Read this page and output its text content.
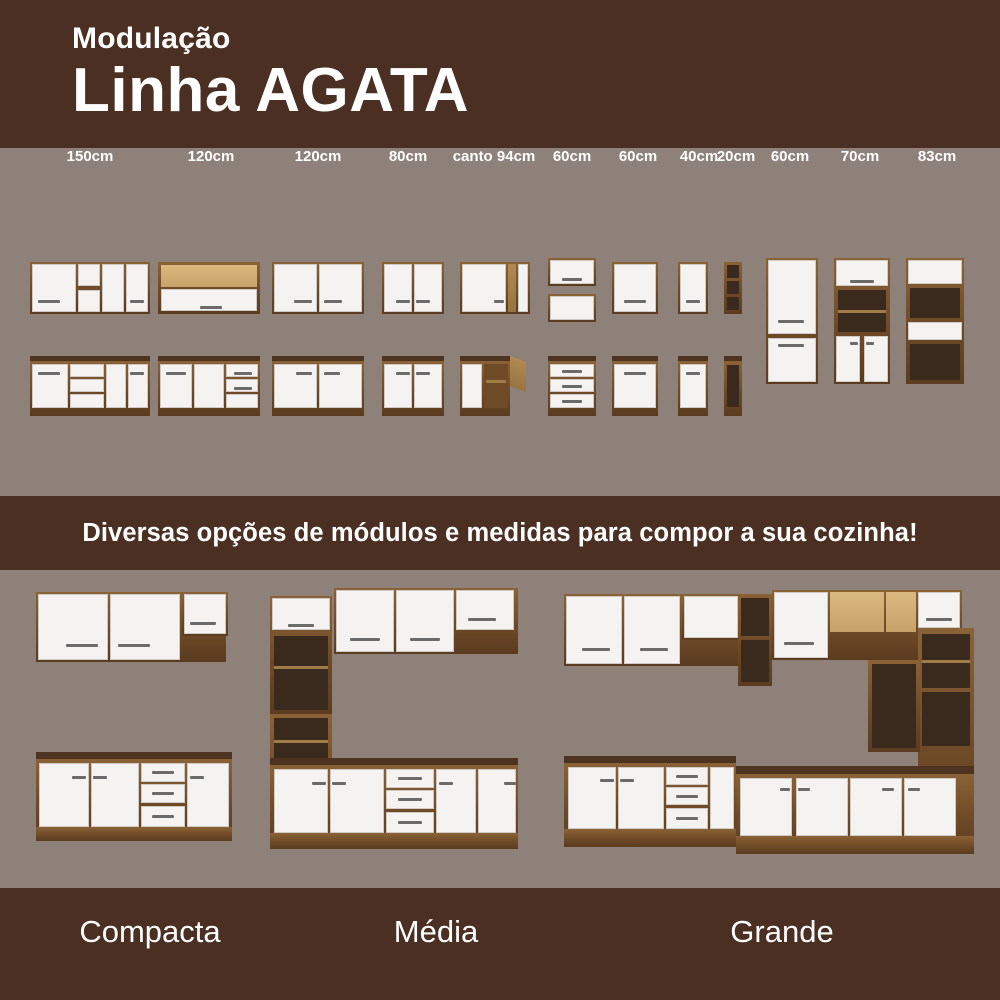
Modulação
Linha AGATA
150cm	120cm	120cm	80cm	canto 94cm	60cm	60cm	40cm
20cm	60cm	70cm	83cm
Diversas opções de módulos e medidas para compor a sua cozinha!
Compacta	Média	Grande
